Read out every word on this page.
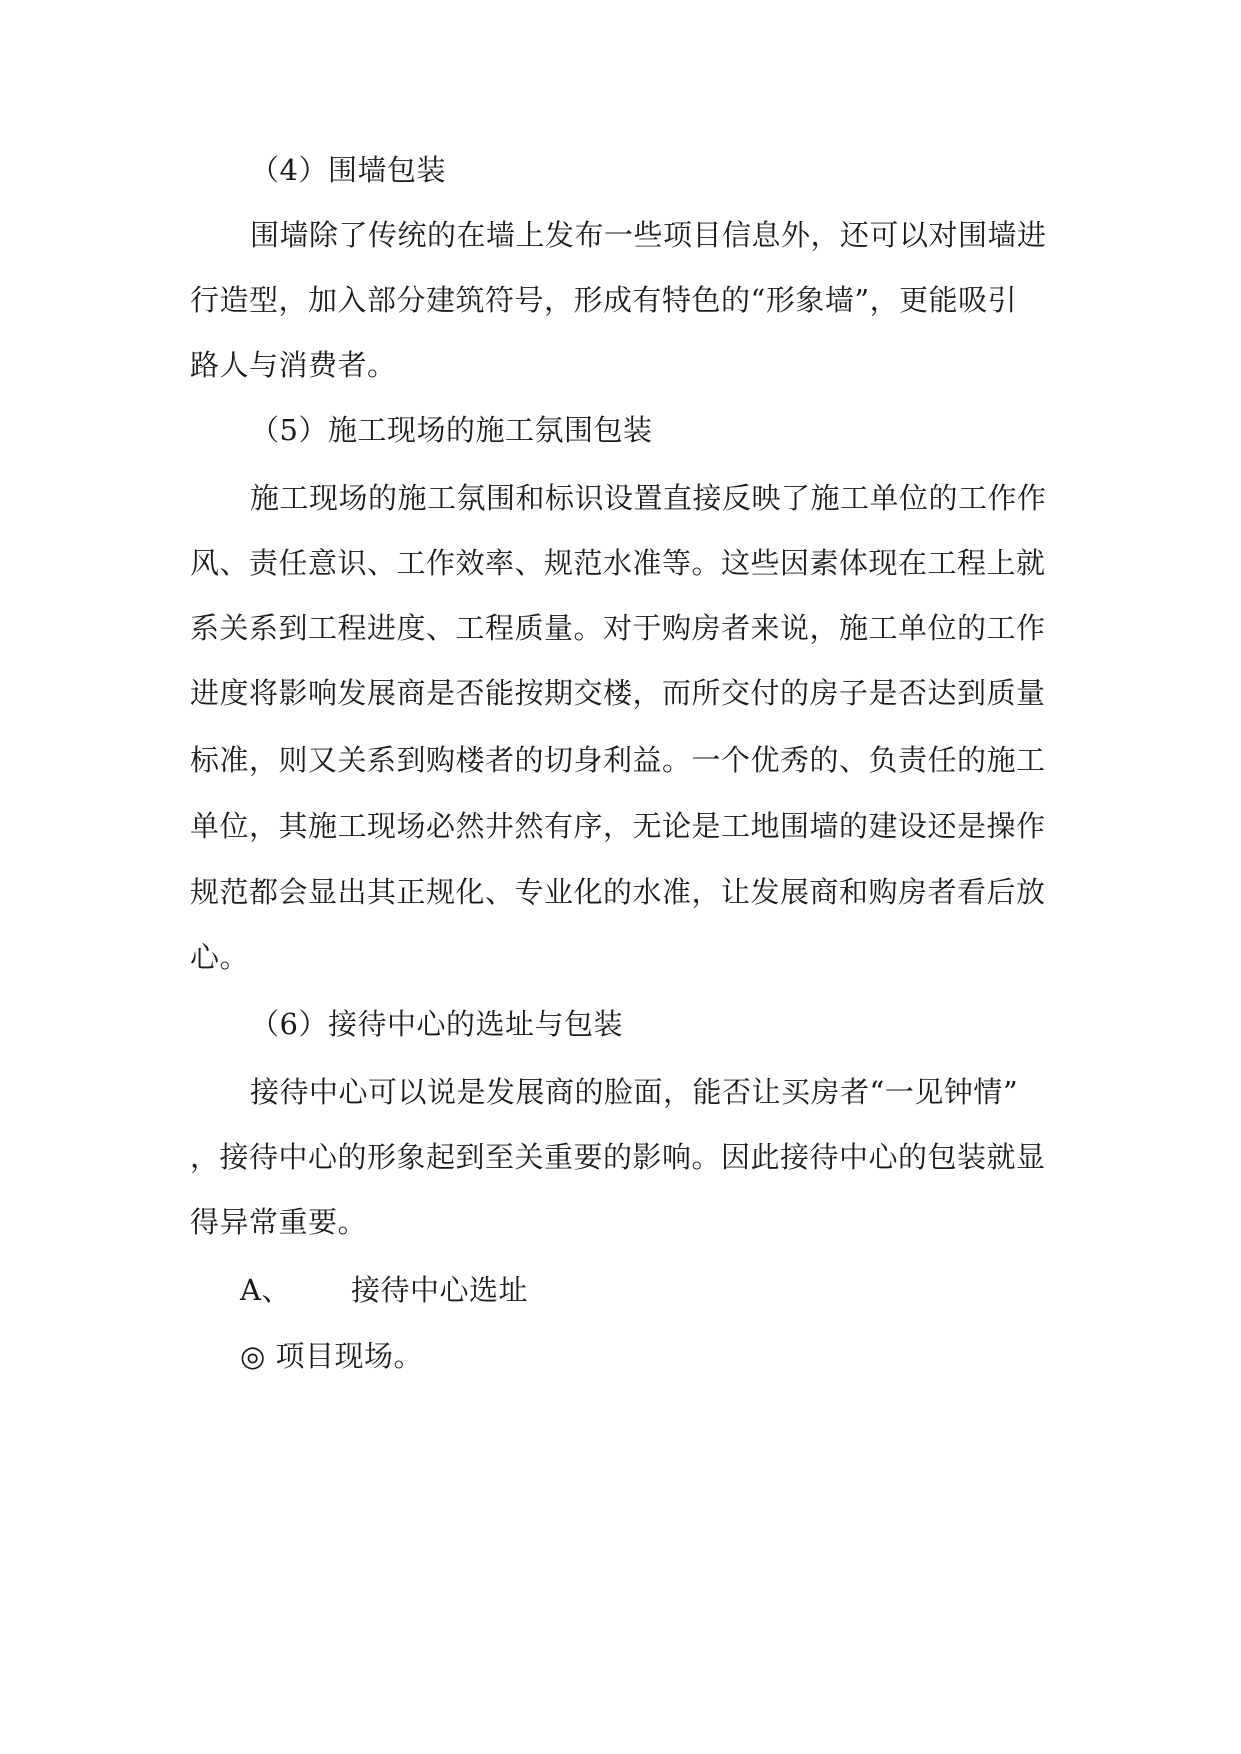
（4）围墙包装
围墙除了传统的在墙上发布一些项目信息外，还可以对围墙进
行造型，加入部分建筑符号，形成有特色的“形象墙”，更能吸引
路人与消费者。
（5）施工现场的施工氛围包装
施工现场的施工氛围和标识设置直接反映了施工单位的工作作
风、责任意识、工作效率、规范水准等。这些因素体现在工程上就
系关系到工程进度、工程质量。对于购房者来说，施工单位的工作
进度将影响发展商是否能按期交楼，而所交付的房子是否达到质量
标准，则又关系到购楼者的切身利益。一个优秀的、负责任的施工
单位，其施工现场必然井然有序，无论是工地围墙的建设还是操作
规范都会显出其正规化、专业化的水准，让发展商和购房者看后放
心。
（6）接待中心的选址与包装
接待中心可以说是发展商的脸面，能否让买房者“一见钟情”
，接待中心的形象起到至关重要的影响。因此接待中心的包装就显
得异常重要。
A、 接待中心选址
◎ 项目现场。
